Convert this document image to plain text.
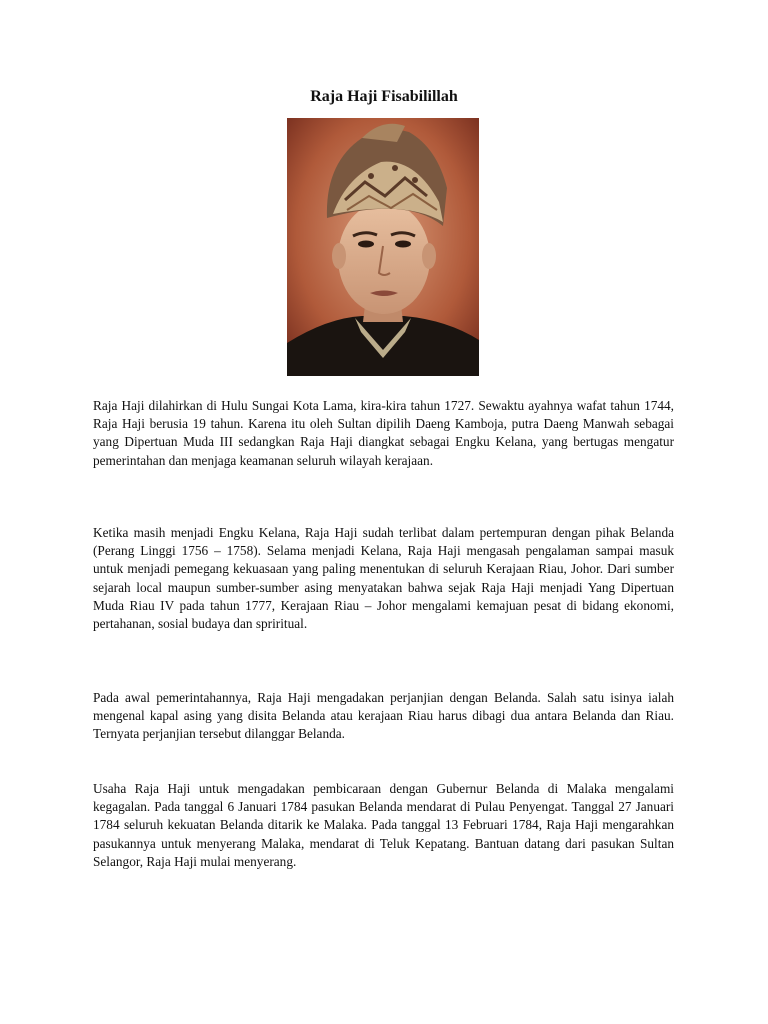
Raja Haji Fisabilillah

Raja Haji dilahirkan di Hulu Sungai Kota Lama, kira-kira tahun 1727. Sewaktu ayahnya wafat tahun 1744, Raja Haji berusia 19 tahun. Karena itu oleh Sultan dipilih Daeng Kamboja, putra Daeng Manwah sebagai yang Dipertuan Muda III sedangkan Raja Haji diangkat sebagai Engku Kelana, yang bertugas mengatur pemerintahan dan menjaga keamanan seluruh wilayah kerajaan.

Ketika masih menjadi Engku Kelana, Raja Haji sudah terlibat dalam pertempuran dengan pihak Belanda (Perang Linggi 1756 – 1758). Selama menjadi Kelana, Raja Haji mengasah pengalaman sampai masuk untuk menjadi pemegang kekuasaan yang paling menentukan di seluruh Kerajaan Riau, Johor. Dari sumber sejarah local maupun sumber-sumber asing menyatakan bahwa sejak Raja Haji menjadi Yang Dipertuan Muda Riau IV pada tahun 1777, Kerajaan Riau – Johor mengalami kemajuan pesat di bidang ekonomi, pertahanan, sosial budaya dan spriritual.

Pada awal pemerintahannya, Raja Haji mengadakan perjanjian dengan Belanda. Salah satu isinya ialah mengenal kapal asing yang disita Belanda atau kerajaan Riau harus dibagi dua antara Belanda dan Riau. Ternyata perjanjian tersebut dilanggar Belanda.

Usaha Raja Haji untuk mengadakan pembicaraan dengan Gubernur Belanda di Malaka mengalami kegagalan. Pada tanggal 6 Januari 1784 pasukan Belanda mendarat di Pulau Penyengat. Tanggal 27 Januari 1784 seluruh kekuatan Belanda ditarik ke Malaka. Pada tanggal 13 Februari 1784, Raja Haji mengarahkan pasukannya untuk menyerang Malaka, mendarat di Teluk Kepatang. Bantuan datang dari pasukan Sultan Selangor, Raja Haji mulai menyerang.
